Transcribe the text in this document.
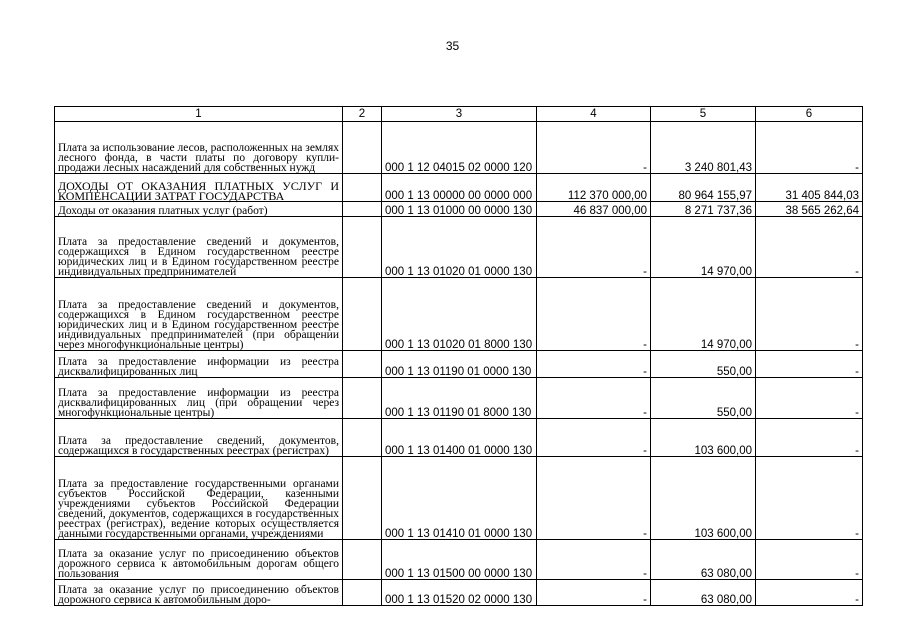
35
1	2	3	4	5	6
Плата за использование лесов, расположенных на землях лесного фонда, в части платы по договору купли-продажи лесных насаждений для собственных нужд		000 1 12 04015 02 0000 120	-	3 240 801,43	-
ДОХОДЫ ОТ ОКАЗАНИЯ ПЛАТНЫХ УСЛУГ И КОМПЕНСАЦИИ ЗАТРАТ ГОСУДАРСТВА		000 1 13 00000 00 0000 000	112 370 000,00	80 964 155,97	31 405 844,03
Доходы от оказания платных услуг (работ)		000 1 13 01000 00 0000 130	46 837 000,00	8 271 737,36	38 565 262,64
Плата за предоставление сведений и документов, содержащихся в Едином государственном реестре юридических лиц и в Едином государственном реестре индивидуальных предпринимателей		000 1 13 01020 01 0000 130	-	14 970,00	-
Плата за предоставление сведений и документов, содержащихся в Едином государственном реестре юридических лиц и в Едином государственном реестре индивидуальных предпринимателей (при обращении через многофункциональные центры)		000 1 13 01020 01 8000 130	-	14 970,00	-
Плата за предоставление информации из реестра дисквалифицированных лиц		000 1 13 01190 01 0000 130	-	550,00	-
Плата за предоставление информации из реестра дисквалифицированных лиц (при обращении через многофункциональные центры)		000 1 13 01190 01 8000 130	-	550,00	-
Плата за предоставление сведений, документов, содержащихся в государственных реестрах (регистрах)		000 1 13 01400 01 0000 130	-	103 600,00	-
Плата за предоставление государственными органами субъектов Российской Федерации, казенными учреждениями субъектов Российской Федерации сведений, документов, содержащихся в государственных реестрах (регистрах), ведение которых осуществляется данными государственными органами, учреждениями		000 1 13 01410 01 0000 130	-	103 600,00	-
Плата за оказание услуг по присоединению объектов дорожного сервиса к автомобильным дорогам общего пользования		000 1 13 01500 00 0000 130	-	63 080,00	-
Плата за оказание услуг по присоединению объектов дорожного сервиса к автомобильным доро-		000 1 13 01520 02 0000 130	-	63 080,00	-
